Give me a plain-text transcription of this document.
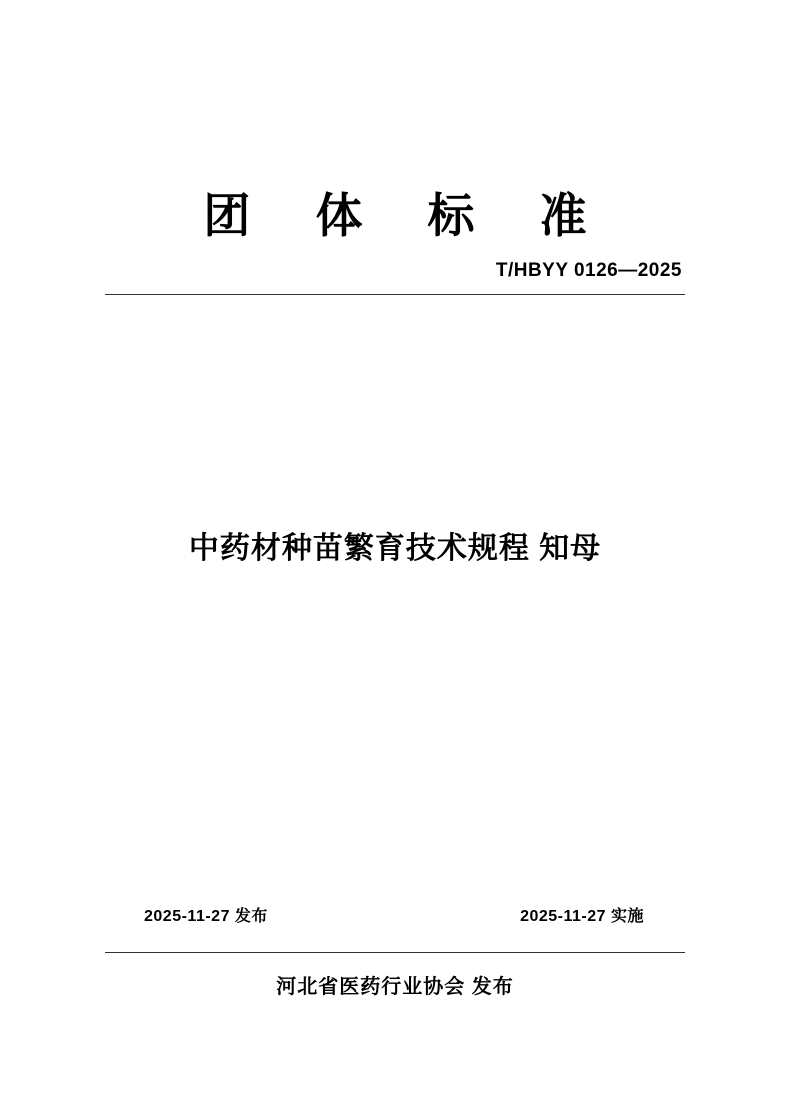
团 体 标 准
T/HBYY 0126—2025
中药材种苗繁育技术规程 知母
2025-11-27 发布	2025-11-27 实施
河北省医药行业协会 发布
